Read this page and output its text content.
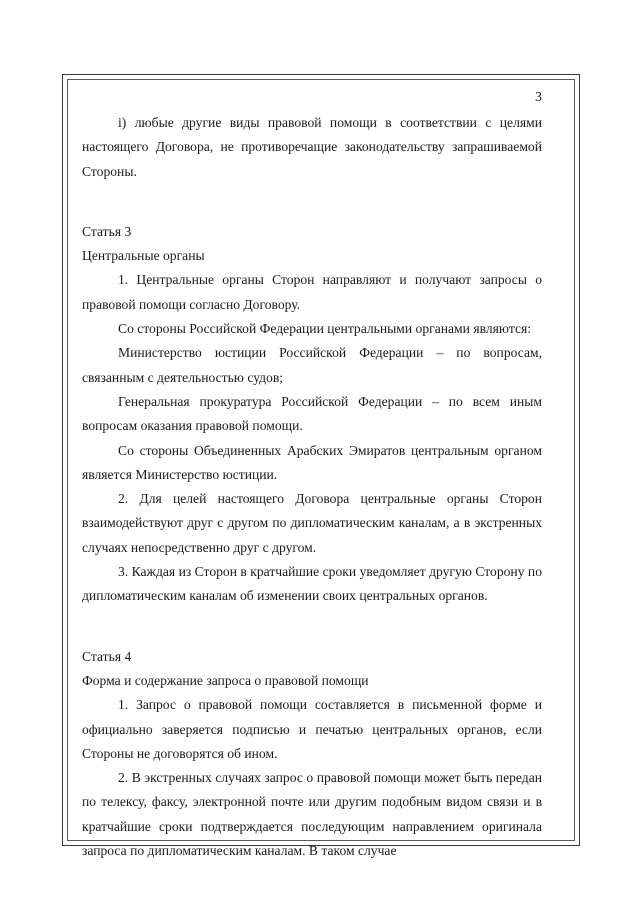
3

i) любые другие виды правовой помощи в соответствии с целями настоящего Договора, не противоречащие законодательству запрашиваемой Стороны.

Статья 3

Центральные органы

1. Центральные органы Сторон направляют и получают запросы о правовой помощи согласно Договору.

Со стороны Российской Федерации центральными органами являются:

Министерство юстиции Российской Федерации – по вопросам, связанным с деятельностью судов;

Генеральная прокуратура Российской Федерации – по всем иным вопросам оказания правовой помощи.

Со стороны Объединенных Арабских Эмиратов центральным органом является Министерство юстиции.

2. Для целей настоящего Договора центральные органы Сторон взаимодействуют друг с другом по дипломатическим каналам, а в экстренных случаях непосредственно друг с другом.

3. Каждая из Сторон в кратчайшие сроки уведомляет другую Сторону по дипломатическим каналам об изменении своих центральных органов.

Статья 4

Форма и содержание запроса о правовой помощи

1. Запрос о правовой помощи составляется в письменной форме и официально заверяется подписью и печатью центральных органов, если Стороны не договорятся об ином.

2. В экстренных случаях запрос о правовой помощи может быть передан по телексу, факсу, электронной почте или другим подобным видом связи и в кратчайшие сроки подтверждается последующим направлением оригинала запроса по дипломатическим каналам. В таком случае
